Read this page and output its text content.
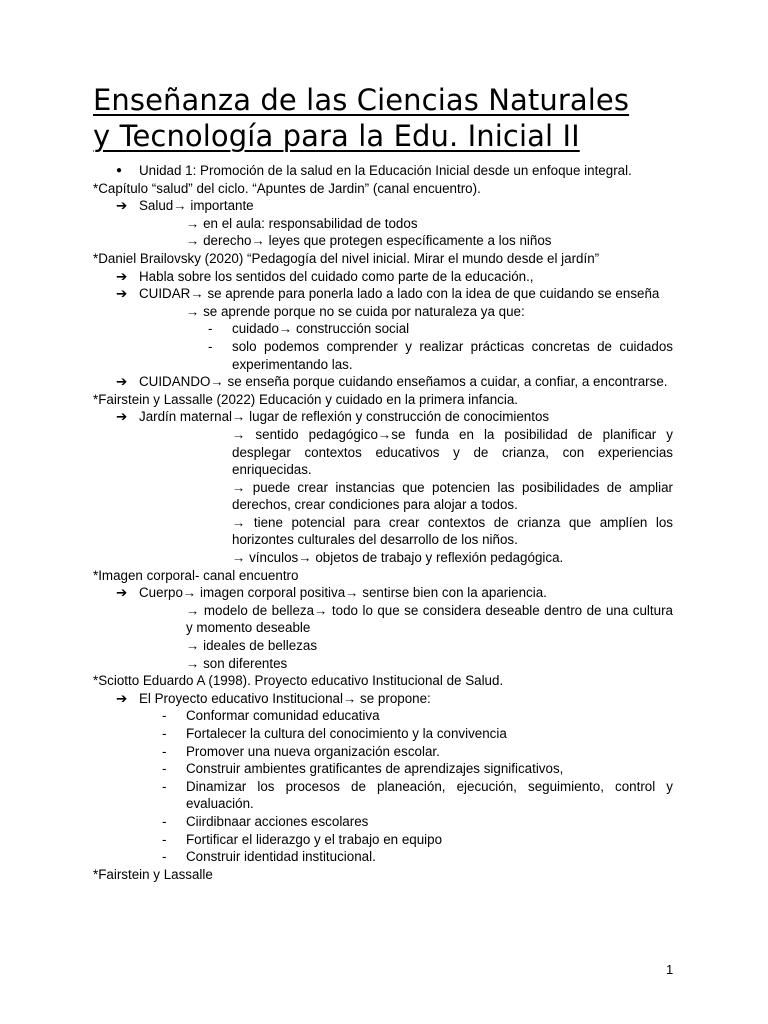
Enseñanza de las Ciencias Naturales
y Tecnología para la Edu. Inicial II
● Unidad 1: Promoción de la salud en la Educación Inicial desde un enfoque integral.
*Capítulo “salud” del ciclo. “Apuntes de Jardin” (canal encuentro).
➔ Salud→ importante
→ en el aula: responsabilidad de todos
→ derecho→ leyes que protegen específicamente a los niños
*Daniel Brailovsky (2020) “Pedagogía del nivel inicial. Mirar el mundo desde el jardín”
➔ Habla sobre los sentidos del cuidado como parte de la educación.,
➔ CUIDAR→ se aprende para ponerla lado a lado con la idea de que cuidando se enseña
→ se aprende porque no se cuida por naturaleza ya que:
- cuidado→ construcción social
- solo podemos comprender y realizar prácticas concretas de cuidados experimentando las.
➔ CUIDANDO→ se enseña porque cuidando enseñamos a cuidar, a confiar, a encontrarse.
*Fairstein y Lassalle (2022) Educación y cuidado en la primera infancia.
➔ Jardín maternal→ lugar de reflexión y construcción de conocimientos
→ sentido pedagógico→se funda en la posibilidad de planificar y desplegar contextos educativos y de crianza, con experiencias enriquecidas.
→ puede crear instancias que potencien las posibilidades de ampliar derechos, crear condiciones para alojar a todos.
→ tiene potencial para crear contextos de crianza que amplíen los horizontes culturales del desarrollo de los niños.
→ vínculos→ objetos de trabajo y reflexión pedagógica.
*Imagen corporal- canal encuentro
➔ Cuerpo→ imagen corporal positiva→ sentirse bien con la apariencia.
→ modelo de belleza→ todo lo que se considera deseable dentro de una cultura y momento deseable
→ ideales de bellezas
→ son diferentes
*Sciotto Eduardo A (1998). Proyecto educativo Institucional de Salud.
➔ El Proyecto educativo Institucional→ se propone:
- Conformar comunidad educativa
- Fortalecer la cultura del conocimiento y la convivencia
- Promover una nueva organización escolar.
- Construir ambientes gratificantes de aprendizajes significativos,
- Dinamizar los procesos de planeación, ejecución, seguimiento, control y evaluación.
- Ciirdibnaar acciones escolares
- Fortificar el liderazgo y el trabajo en equipo
- Construir identidad institucional.
*Fairstein y Lassalle
1
